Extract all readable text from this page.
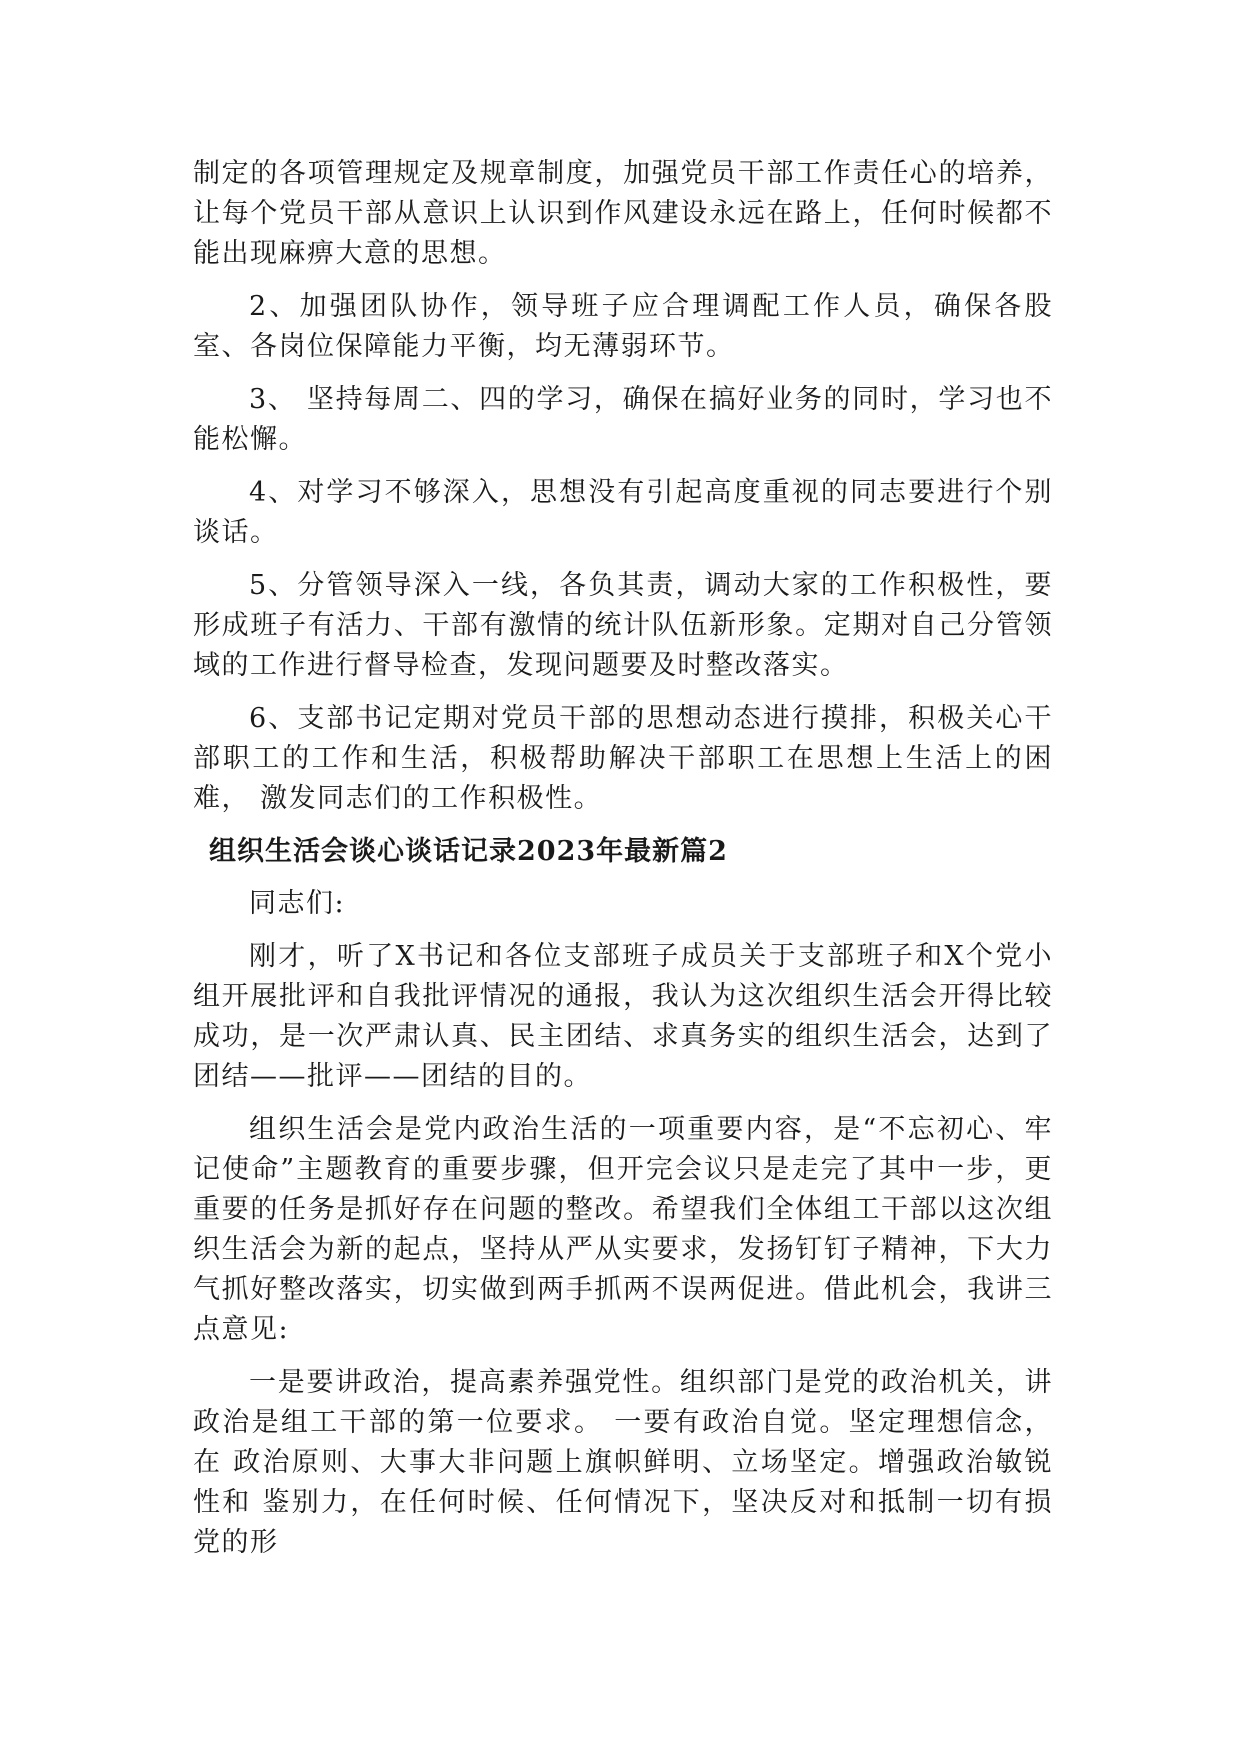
制定的各项管理规定及规章制度，加强党员干部工作责任心的培养， 让每个党员干部从意识上认识到作风建设永远在路上，任何时候都不 能出现麻痹大意的思想。

2、加强团队协作，领导班子应合理调配工作人员，确保各股室、各岗位保障能力平衡，均无薄弱环节。

3、 坚持每周二、四的学习，确保在搞好业务的同时，学习也不 能松懈。

4、对学习不够深入，思想没有引起高度重视的同志要进行个别谈话。

5、分管领导深入一线，各负其责，调动大家的工作积极性，要形成班子有活力、干部有激情的统计队伍新形象。定期对自己分管领域的工作进行督导检查，发现问题要及时整改落实。

6、支部书记定期对党员干部的思想动态进行摸排，积极关心干部职工的工作和生活，积极帮助解决干部职工在思想上生活上的困难， 激发同志们的工作积极性。

组织生活会谈心谈话记录2023年最新篇2

同志们:

刚才，听了X书记和各位支部班子成员关于支部班子和X个党小 组开展批评和自我批评情况的通报，我认为这次组织生活会开得比较 成功，是一次严肃认真、民主团结、求真务实的组织生活会，达到了 团结——批评——团结的目的。

组织生活会是党内政治生活的一项重要内容，是“不忘初心、牢记使命”主题教育的重要步骤，但开完会议只是走完了其中一步，更重要的任务是抓好存在问题的整改。希望我们全体组工干部以这次组织生活会为新的起点，坚持从严从实要求，发扬钉钉子精神，下大力气抓好整改落实，切实做到两手抓两不误两促进。借此机会，我讲三点意见:

一是要讲政治，提高素养强党性。组织部门是党的政治机关，讲政治是组工干部的第一位要求。 一要有政治自觉。坚定理想信念，在 政治原则、大事大非问题上旗帜鲜明、立场坚定。增强政治敏锐性和 鉴别力，在任何时候、任何情况下，坚决反对和抵制一切有损党的形
